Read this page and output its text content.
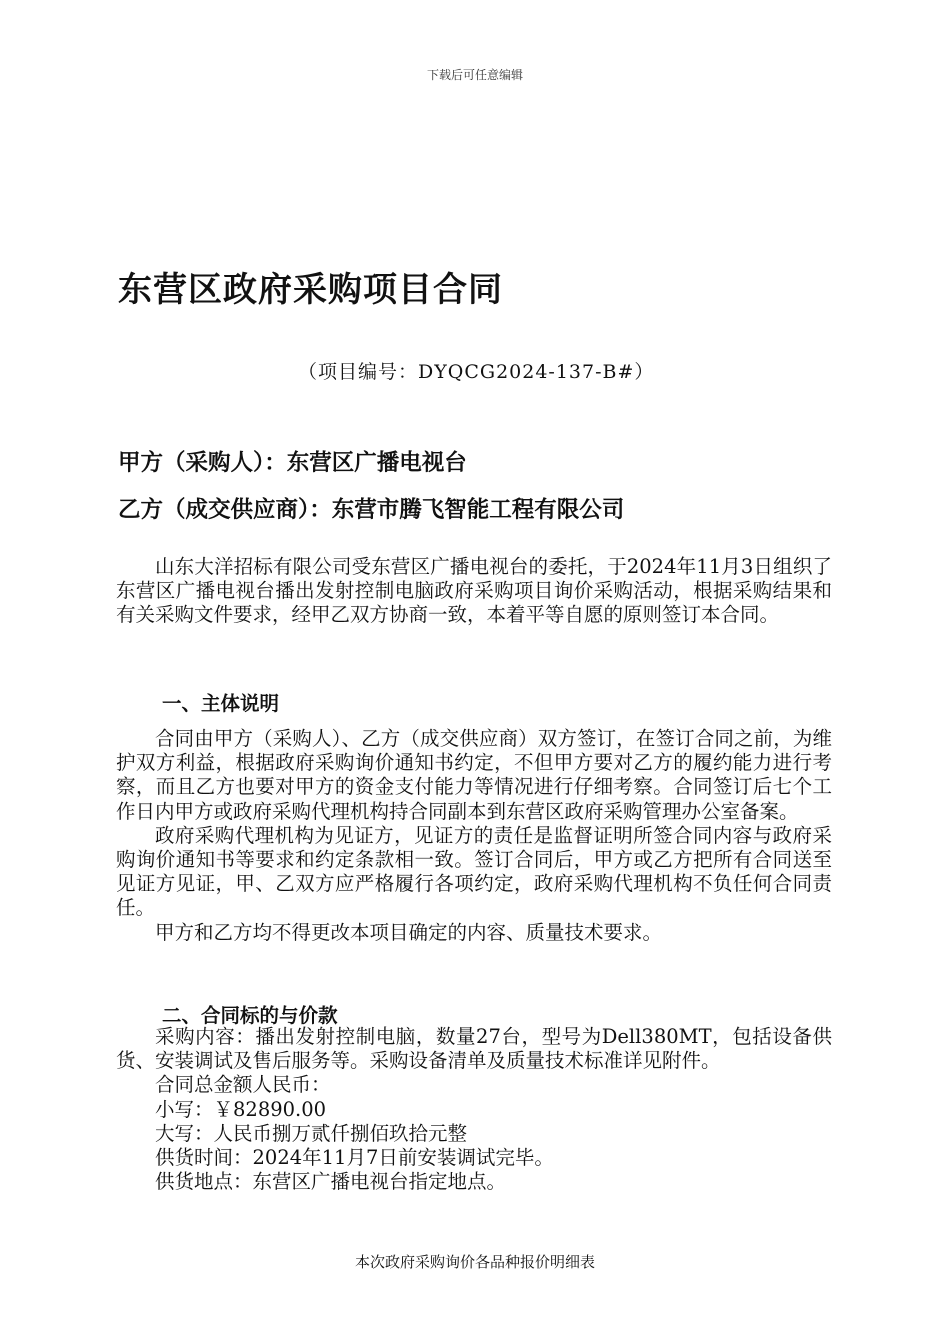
下载后可任意编辑
东营区政府采购项目合同
（项目编号：DYQCG2024-137-B#）
甲方（采购人）：东营区广播电视台
乙方（成交供应商）：东营市腾飞智能工程有限公司

山东大洋招标有限公司受东营区广播电视台的委托，于2024年11月3日组织了东营区广播电视台播出发射控制电脑政府采购项目询价采购活动，根据采购结果和有关采购文件要求，经甲乙双方协商一致，本着平等自愿的原则签订本合同。

一、主体说明

合同由甲方（采购人）、乙方（成交供应商）双方签订，在签订合同之前，为维护双方利益，根据政府采购询价通知书约定，不但甲方要对乙方的履约能力进行考察，而且乙方也要对甲方的资金支付能力等情况进行仔细考察。合同签订后七个工作日内甲方或政府采购代理机构持合同副本到东营区政府采购管理办公室备案。

政府采购代理机构为见证方，见证方的责任是监督证明所签合同内容与政府采购询价通知书等要求和约定条款相一致。签订合同后，甲方或乙方把所有合同送至见证方见证，甲、乙双方应严格履行各项约定，政府采购代理机构不负任何合同责任。

甲方和乙方均不得更改本项目确定的内容、质量技术要求。

二、合同标的与价款

采购内容：播出发射控制电脑，数量27台，型号为Dell380MT，包括设备供货、安装调试及售后服务等。采购设备清单及质量技术标准详见附件。

合同总金额人民币：

小写：￥82890.00

大写：人民币捌万贰仟捌佰玖拾元整

供货时间：2024年11月7日前安装调试完毕。

供货地点：东营区广播电视台指定地点。

本次政府采购询价各品种报价明细表
